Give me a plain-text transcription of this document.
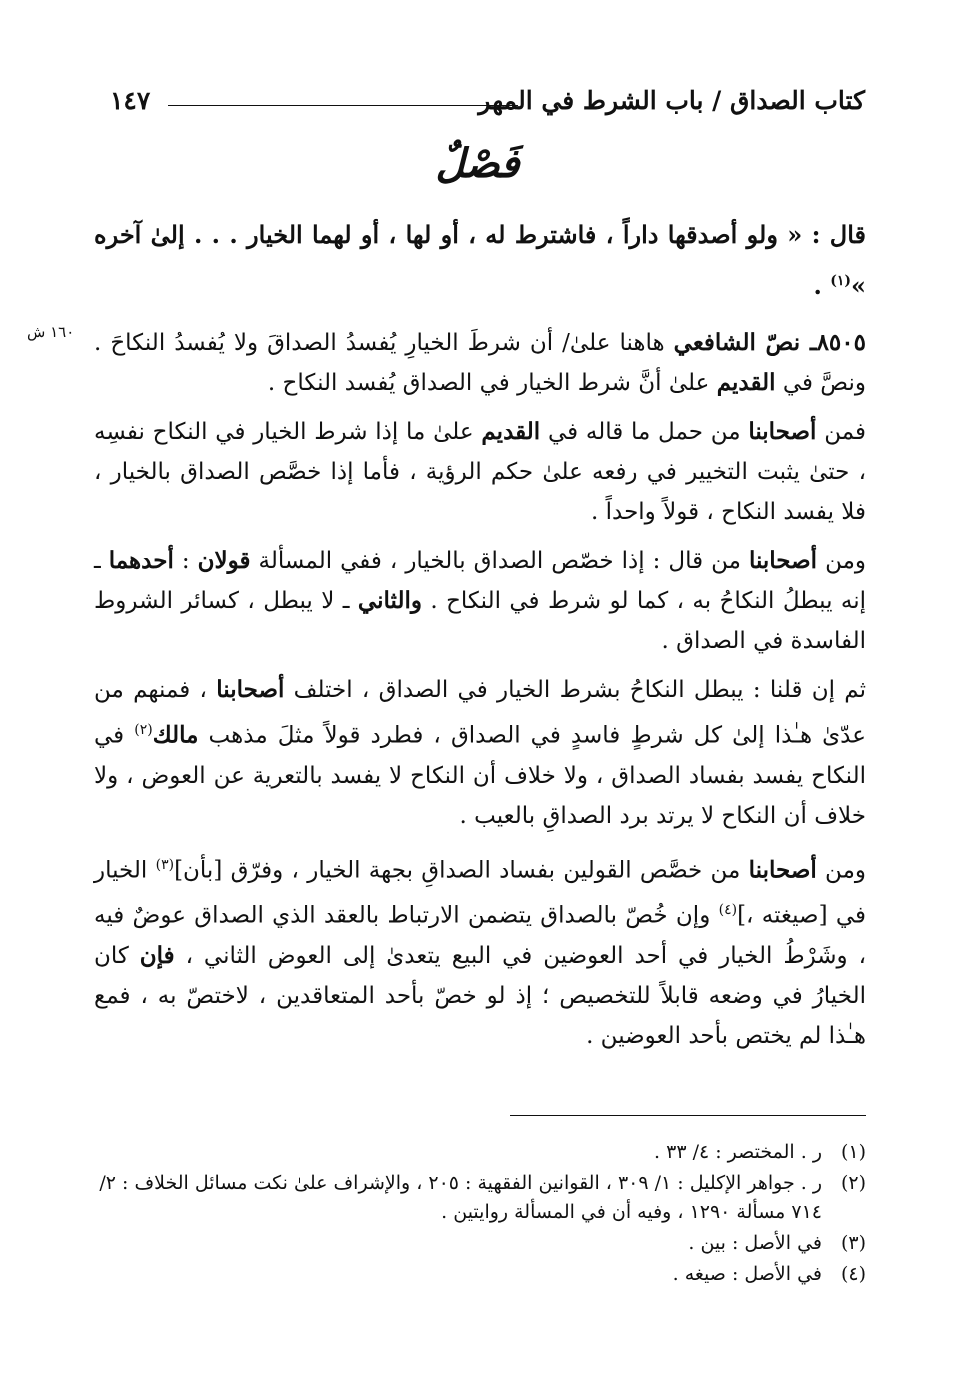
كتاب الصداق / باب الشرط في المهر
١٤٧
فَصْلٌ
١٦٠ ش

قال : « ولو أصدقها داراً ، فاشترط له ، أو لها ، أو لهما الخيار . . . إلىٰ آخره »$^{(١)}$ .

٨٥٠٥ـ نصّ الشافعي هاهنا علىٰ/ أن شرطَ الخيارِ يُفسدُ الصداقَ ولا يُفسدُ النكاحَ . ونصَّ في القديم علىٰ أنَّ شرط الخيار في الصداق يُفسد النكاح .

فمن أصحابنا من حمل ما قاله في القديم علىٰ ما إذا شرط الخيار في النكاح نفسِه ، حتىٰ يثبت التخيير في رفعه علىٰ حكم الرؤية ، فأما إذا خصَّص الصداق بالخيار ، فلا يفسد النكاح ، قولاً واحداً .

ومن أصحابنا من قال : إذا خصّص الصداق بالخيار ، ففي المسألة قولان : أحدهما ـ إنه يبطلُ النكاحُ به ، كما لو شرط في النكاح . والثاني ـ لا يبطل ، كسائر الشروط الفاسدة في الصداق .

ثم إن قلنا : يبطل النكاحُ بشرط الخيار في الصداق ، اختلف أصحابنا ، فمنهم من عدّىٰ هـٰذا إلىٰ كل شرطٍ فاسدٍ في الصداق ، فطرد قولاً مثلَ مذهب مالك$^{(٢)}$ في النكاح يفسد بفساد الصداق ، ولا خلاف أن النكاح لا يفسد بالتعرية عن العوض ، ولا خلاف أن النكاح لا يرتد برد الصداقِ بالعيب .

ومن أصحابنا من خصَّص القولين بفساد الصداقِ بجهة الخيار ، وفرّق [بأن]$^{(٣)}$ الخيار في [صيغته ،]$^{(٤)}$ وإن خُصّ بالصداق يتضمن الارتباط بالعقد الذي الصداق عوضٌ فيه ، وشَرْطُ الخيار في أحد العوضين في البيع يتعدىٰ إلى العوض الثاني ، فإن كان الخيارُ في وضعه قابلاً للتخصيص ؛ إذ لو خصّ بأحد المتعاقدين ، لاختصّ به ، فمع هـٰذا لم يختص بأحد العوضين .

(١)
ر . المختصر : ٤/ ٣٣ .
(٢)
ر . جواهر الإكليل : ١/ ٣٠٩ ، القوانين الفقهية : ٢٠٥ ، والإشراف علىٰ نكت مسائل الخلاف : ٢/ ٧١٤ مسألة ١٢٩٠ ، وفيه أن في المسألة روايتين .
(٣)
في الأصل : بين .
(٤)
في الأصل : صيغه .
